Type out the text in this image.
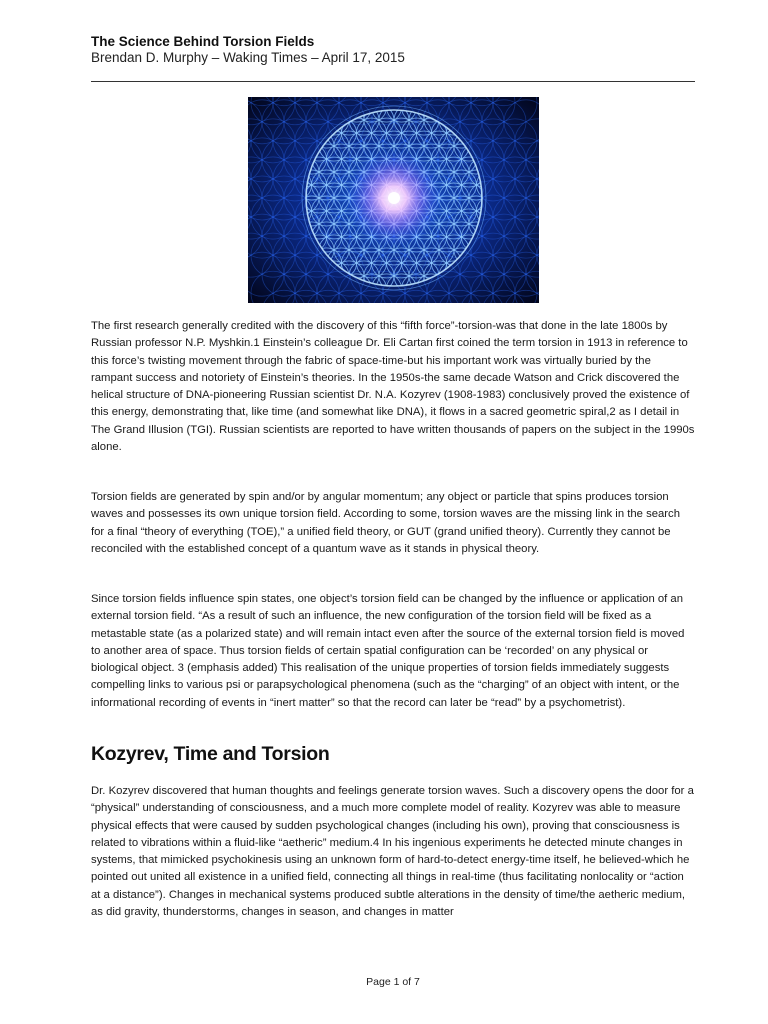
The Science Behind Torsion Fields
Brendan D. Murphy – Waking Times – April 17, 2015

The first research generally credited with the discovery of this “fifth force”-torsion-was that done in the late 1800s by Russian professor N.P. Myshkin.1 Einstein’s colleague Dr. Eli Cartan first coined the term torsion in 1913 in reference to this force’s twisting movement through the fabric of space-time-but his important work was virtually buried by the rampant success and notoriety of Einstein’s theories. In the 1950s-the same decade Watson and Crick discovered the helical structure of DNA-pioneering Russian scientist Dr. N.A. Kozyrev (1908-1983) conclusively proved the existence of this energy, demonstrating that, like time (and somewhat like DNA), it flows in a sacred geometric spiral,2 as I detail in The Grand Illusion (TGI). Russian scientists are reported to have written thousands of papers on the subject in the 1990s alone.

Torsion fields are generated by spin and/or by angular momentum; any object or particle that spins produces torsion waves and possesses its own unique torsion field. According to some, torsion waves are the missing link in the search for a final “theory of everything (TOE),” a unified field theory, or GUT (grand unified theory). Currently they cannot be reconciled with the established concept of a quantum wave as it stands in physical theory.

Since torsion fields influence spin states, one object’s torsion field can be changed by the influence or application of an external torsion field. “As a result of such an influence, the new configuration of the torsion field will be fixed as a metastable state (as a polarized state) and will remain intact even after the source of the external torsion field is moved to another area of space. Thus torsion fields of certain spatial configuration can be ‘recorded’ on any physical or biological object. 3 (emphasis added) This realisation of the unique properties of torsion fields immediately suggests compelling links to various psi or parapsychological phenomena (such as the “charging” of an object with intent, or the informational recording of events in “inert matter” so that the record can later be “read” by a psychometrist).

Kozyrev, Time and Torsion

Dr. Kozyrev discovered that human thoughts and feelings generate torsion waves. Such a discovery opens the door for a “physical” understanding of consciousness, and a much more complete model of reality. Kozyrev was able to measure physical effects that were caused by sudden psychological changes (including his own), proving that consciousness is related to vibrations within a fluid-like “aetheric” medium.4 In his ingenious experiments he detected minute changes in systems, that mimicked psychokinesis using an unknown form of hard-to-detect energy-time itself, he believed-which he pointed out united all existence in a unified field, connecting all things in real-time (thus facilitating nonlocality or “action at a distance”). Changes in mechanical systems produced subtle alterations in the density of time/the aetheric medium, as did gravity, thunderstorms, changes in season, and changes in matter

Page 1 of 7
